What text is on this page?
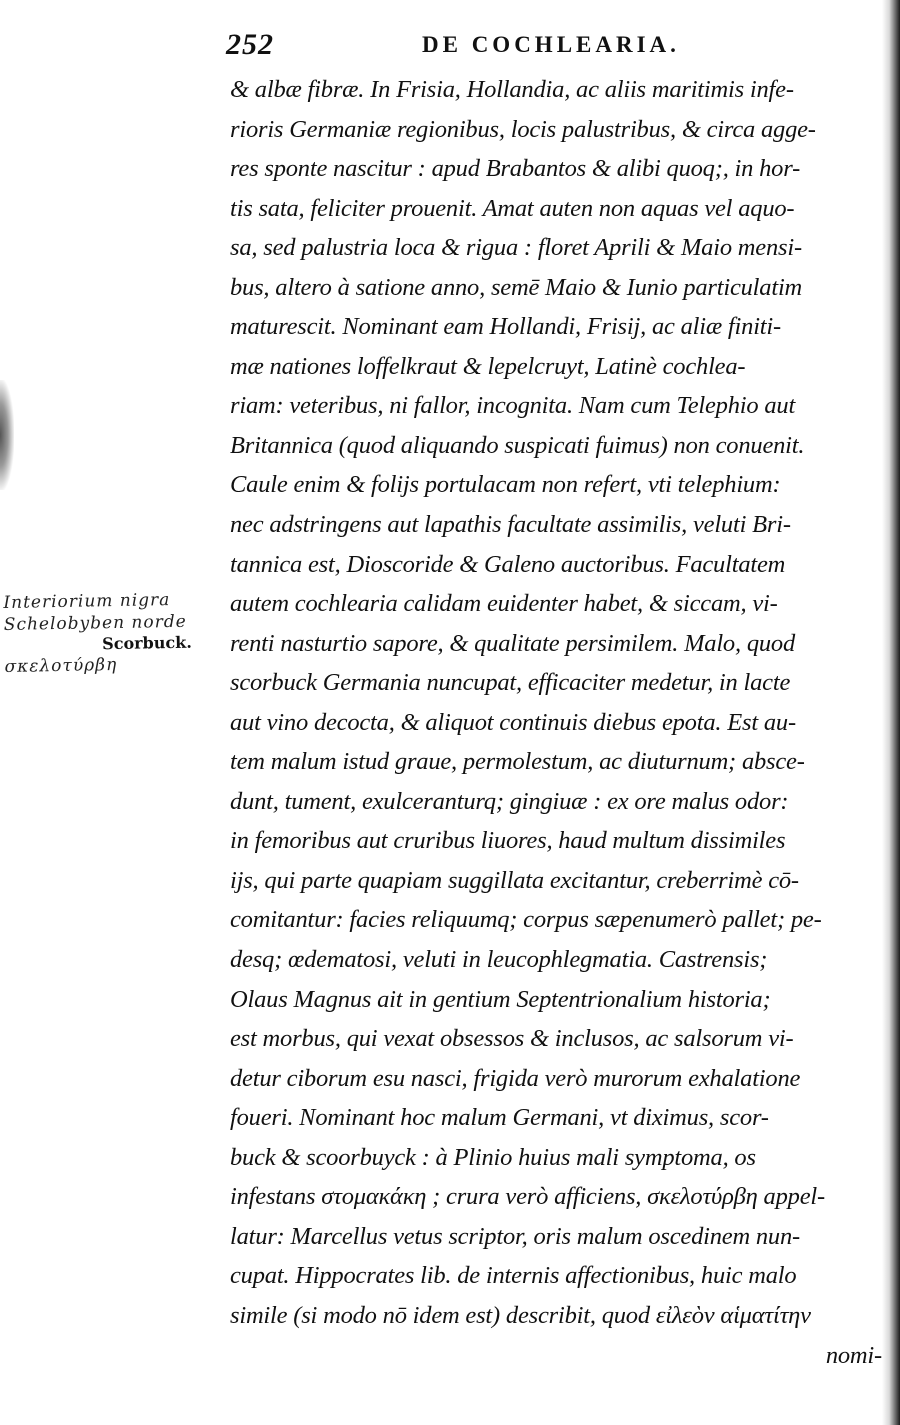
252	DE COCHLEARIA.
& albæ fibræ. In Frisia, Hollandia, ac aliis maritimis infe-
rioris Germaniæ regionibus, locis palustribus, & circa agge-
res sponte nascitur : apud Brabantos & alibi quoq;, in hor-
tis sata, feliciter prouenit. Amat auten non aquas vel aquo-
sa, sed palustria loca & rigua : floret Aprili & Maio mensi-
bus, altero à satione anno, semē Maio & Iunio particulatim
maturescit. Nominant eam Hollandi, Frisij, ac aliæ finiti-
mæ nationes loffelkraut & lepelcruyt, Latinè cochlea-
riam: veteribus, ni fallor, incognita. Nam cum Telephio aut
Britannica (quod aliquando suspicati fuimus) non conuenit.
Caule enim & folijs portulacam non refert, vti telephium:
nec adstringens aut lapathis facultate assimilis, veluti Bri-
tannica est, Dioscoride & Galeno auctoribus. Facultatem
autem cochlearia calidam euidenter habet, & siccam, vi-
renti nasturtio sapore, & qualitate persimilem. Malo, quod
scorbuck Germania nuncupat, efficaciter medetur, in lacte
aut vino decocta, & aliquot continuis diebus epota. Est au-
tem malum istud graue, permolestum, ac diuturnum; absce-
dunt, tument, exulceranturq; gingiuæ : ex ore malus odor:
in femoribus aut cruribus liuores, haud multum dissimiles
ijs, qui parte quapiam suggillata excitantur, creberrimè cō-
comitantur: facies reliquumq; corpus sæpenumerò pallet; pe-
desq; œdematosi, veluti in leucophlegmatia. Castrensis;
Olaus Magnus ait in gentium Septentrionalium historia;
est morbus, qui vexat obsessos & inclusos, ac salsorum vi-
detur ciborum esu nasci, frigida verò murorum exhalatione
foueri. Nominant hoc malum Germani, vt diximus, scor-
buck & scoorbuyck : à Plinio huius mali symptoma, os
infestans στομακάκη ; crura verò afficiens, σκελοτύρβη appel-
latur: Marcellus vetus scriptor, oris malum oscedinem nun-
cupat. Hippocrates lib. de internis affectionibus, huic malo
simile (si modo nō idem est) describit, quod εἰλεὸν αἱματίτην
nomi-
Interiorium nigra
Schelobyben norde
Scorbuck.
σκελοτύρβη
